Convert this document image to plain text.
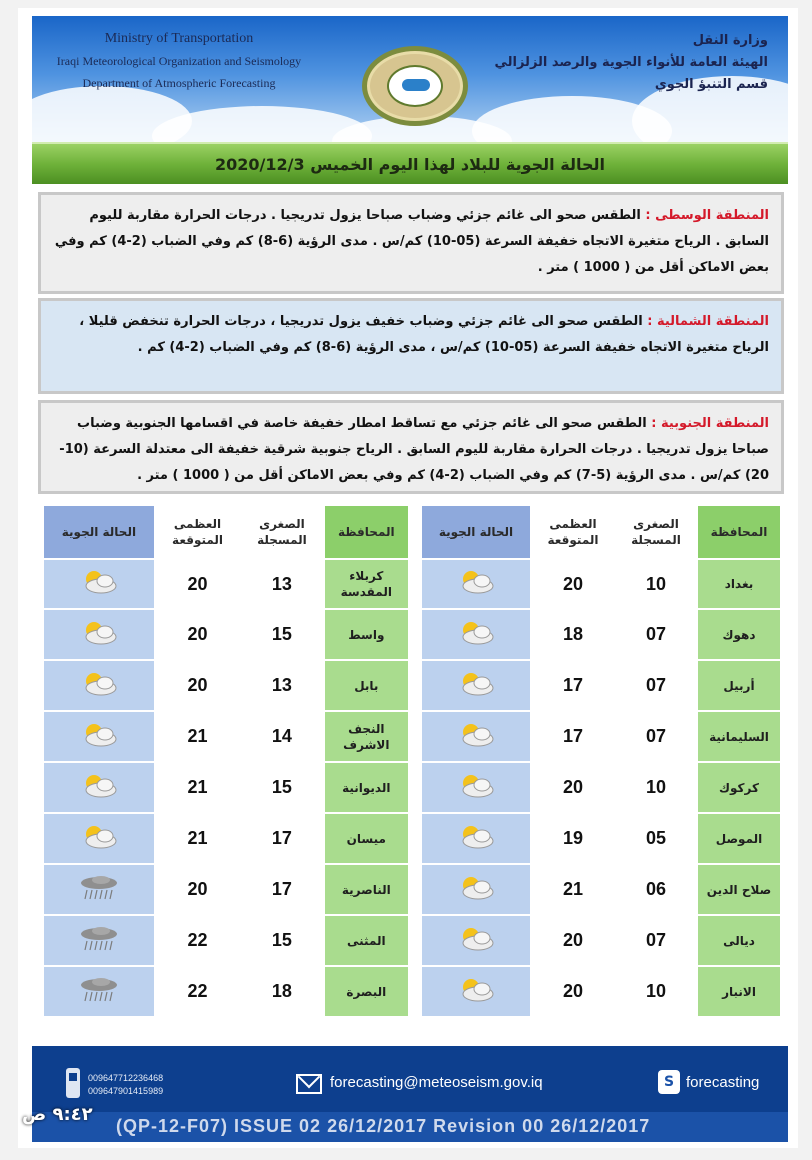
Ministry of Transportation
Iraqi Meteorological Organization and Seismology
Department of Atmospheric Forecasting
وزارة النقل
الهيئة العامة للأنواء الجوية والرصد الزلزالي
قسم التنبؤ الجوي
الحالة الجوية للبلاد لهذا اليوم الخميس 2020/12/3
المنطقة الوسطى : الطقس صحو الى غائم جزئي وضباب صباحا يزول تدريجيا . درجات الحرارة مقاربة لليوم السابق . الرياح متغيرة الاتجاه خفيفة السرعة (05-10) كم/س . مدى الرؤية (6-8) كم وفي الضباب (2-4) كم وفي بعض الاماكن أقل من ( 1000 ) متر .
المنطقة الشمالية : الطقس صحو الى غائم جزئي وضباب خفيف يزول تدريجيا ، درجات الحرارة تنخفض قليلا ، الرياح متغيرة الاتجاه خفيفة السرعة (05-10) كم/س ، مدى الرؤية (6-8) كم وفي الضباب (2-4) كم .
المنطقة الجنوبية : الطقس صحو الى غائم جزئي مع تساقط امطار خفيفة خاصة في اقسامها الجنوبية وضباب صباحا يزول تدريجيا . درجات الحرارة مقاربة لليوم السابق . الرياح جنوبية شرقية خفيفة الى معتدلة السرعة (10-20) كم/س . مدى الرؤية (5-7) كم وفي الضباب (2-4) كم وفي بعض الاماكن أقل من ( 1000 ) متر .
المحافظة	الصغرى المسجلة	العظمى المتوقعة	الحالة الجوية
بغداد	10	20	
دهوك	07	18	
أربيل	07	17	
السليمانية	07	17	
كركوك	10	20	
الموصل	05	19	
صلاح الدين	06	21	
ديالى	07	20	
الانبار	10	20	
المحافظة	الصغرى المسجلة	العظمى المتوقعة	الحالة الجوية
كربلاء المقدسة	13	20	
واسط	15	20	
بابل	13	20	
النجف الاشرف	14	21	
الديوانية	15	21	
ميسان	17	21	
الناصرية	17	20	
المثنى	15	22	
البصرة	18	22	
009647712236468
009647901415989	forecasting@meteoseism.gov.iq	S forecasting
(QP-12-F07) ISSUE 02 26/12/2017 Revision 00 26/12/2017
٩:٤٢ ص
